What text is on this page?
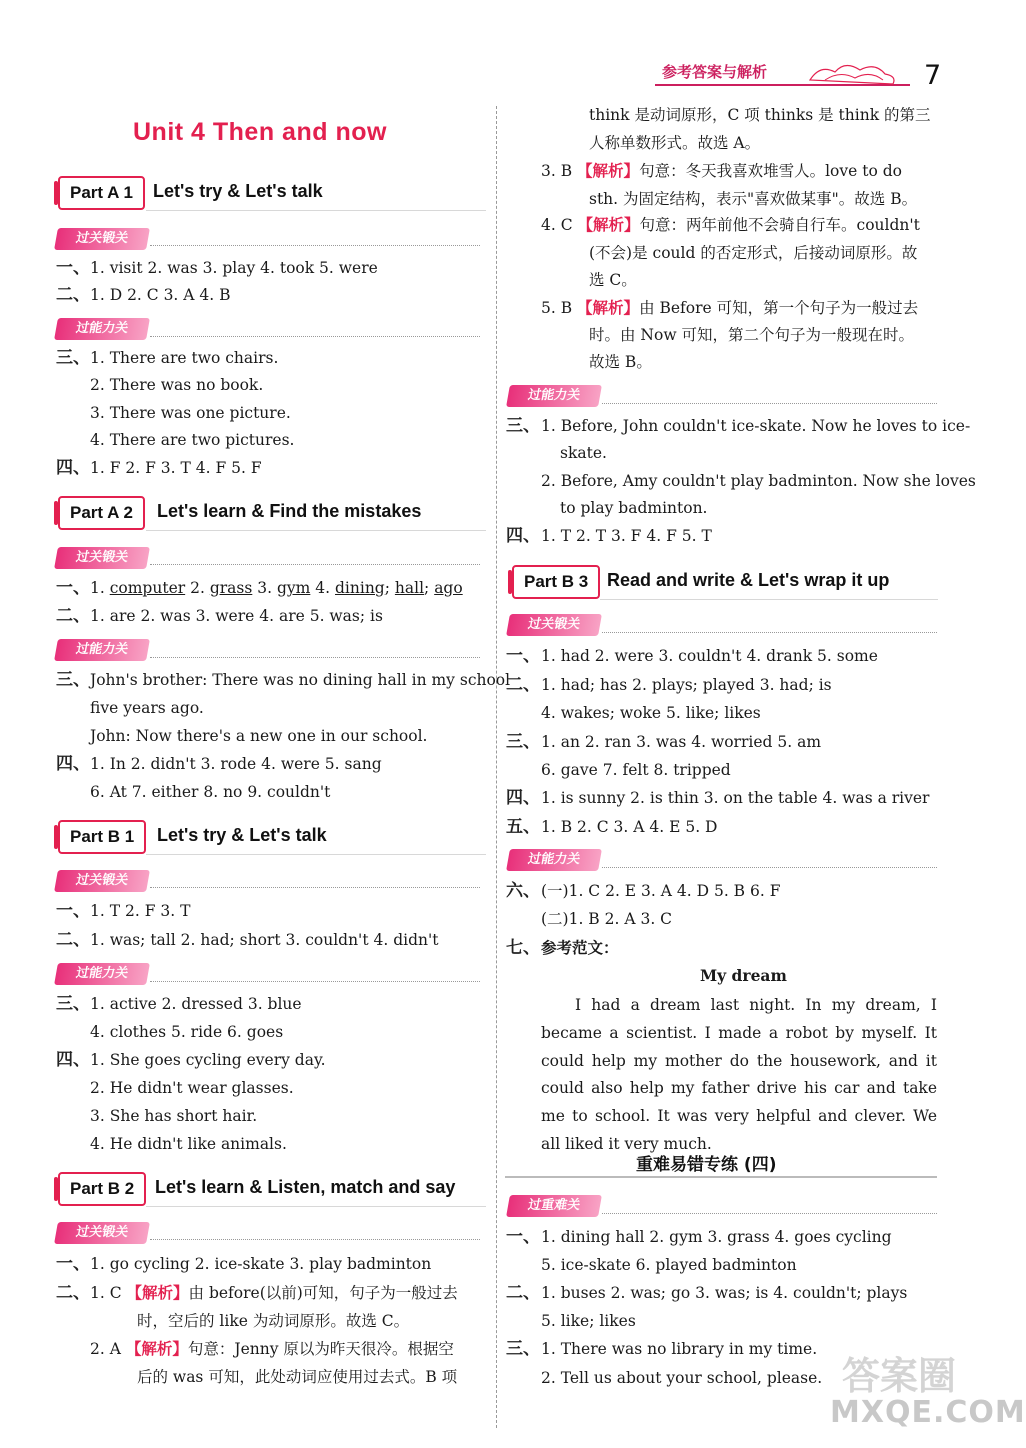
参考答案与解析	7
Unit 4 Then and now
Part A 1	Let's try & Let's talk
过关锻关
一、 1. visit 2. was 3. play 4. took 5. were
二、 1. D 2. C 3. A 4. B
过能力关
三、 1. There are two chairs.
2. There was no book.
3. There was one picture.
4. There are two pictures.
四、 1. F 2. F 3. T 4. F 5. F
Part A 2	Let's learn & Find the mistakes
过关锻关
一、 1. computer 2. grass 3. gym 4. dining; hall; ago
二、 1. are 2. was 3. were 4. are 5. was; is
过能力关
三、 John's brother: There was no dining hall in my school
five years ago.
John: Now there's a new one in our school.
四、 1. In 2. didn't 3. rode 4. were 5. sang
6. At 7. either 8. no 9. couldn't
Part B 1	Let's try & Let's talk
过关锻关
一、 1. T 2. F 3. T
二、 1. was; tall 2. had; short 3. couldn't 4. didn't
过能力关
三、 1. active 2. dressed 3. blue
4. clothes 5. ride 6. goes
四、 1. She goes cycling every day.
2. He didn't wear glasses.
3. She has short hair.
4. He didn't like animals.
Part B 2	Let's learn & Listen, match and say
过关锻关
一、 1. go cycling 2. ice-skate 3. play badminton
二、 1. C 【解析】由 before(以前)可知，句子为一般过去
时，空后的 like 为动词原形。故选 C。
2. A 【解析】句意：Jenny 原以为昨天很冷。根据空
后的 was 可知，此处动词应使用过去式。B 项
think 是动词原形，C 项 thinks 是 think 的第三
人称单数形式。故选 A。
3. B 【解析】句意：冬天我喜欢堆雪人。love to do
sth. 为固定结构，表示"喜欢做某事"。故选 B。
4. C 【解析】句意：两年前他不会骑自行车。couldn't
(不会)是 could 的否定形式，后接动词原形。故
选 C。
5. B 【解析】由 Before 可知，第一个句子为一般过去
时。由 Now 可知，第二个句子为一般现在时。
故选 B。
过能力关
三、 1. Before, John couldn't ice-skate. Now he loves to ice-
skate.
2. Before, Amy couldn't play badminton. Now she loves
to play badminton.
四、 1. T 2. T 3. F 4. F 5. T
Part B 3	Read and write & Let's wrap it up
过关锻关
一、 1. had 2. were 3. couldn't 4. drank 5. some
二、 1. had; has 2. plays; played 3. had; is
4. wakes; woke 5. like; likes
三、 1. an 2. ran 3. was 4. worried 5. am
6. gave 7. felt 8. tripped
四、 1. is sunny 2. is thin 3. on the table 4. was a river
五、 1. B 2. C 3. A 4. E 5. D
过能力关
六、 (一)1. C 2. E 3. A 4. D 5. B 6. F
(二)1. B 2. A 3. C
七、 参考范文：
My dream
I had a dream last night. In my dream, I became a scientist. I made a robot by myself. It could help my mother do the housework, and it could also help my father drive his car and take me to school. It was very helpful and clever. We all liked it very much.
重难易错专练 (四)
过重难关
一、 1. dining hall 2. gym 3. grass 4. goes cycling
5. ice-skate 6. played badminton
二、 1. buses 2. was; go 3. was; is 4. couldn't; plays
5. like; likes
三、 1. There was no library in my time.
2. Tell us about your school, please. 答案圈
MXQE.COM
